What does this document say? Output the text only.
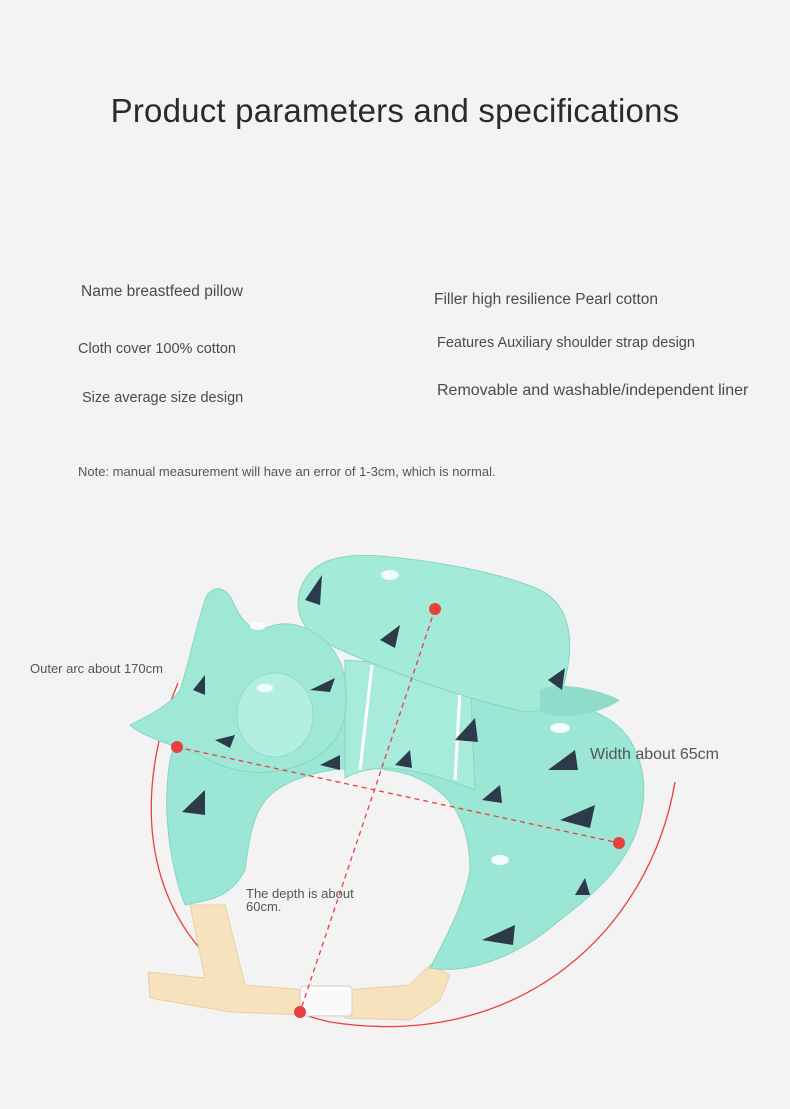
Product parameters and specifications
Name breastfeed pillow	Filler high resilience Pearl cotton
Cloth cover 100% cotton	Features Auxiliary shoulder strap design
Size average size design	Removable and washable/independent liner
Note: manual measurement will have an error of 1-3cm, which is normal.
Outer arc about 170cm
Width about 65cm
The depth is about
60cm.
